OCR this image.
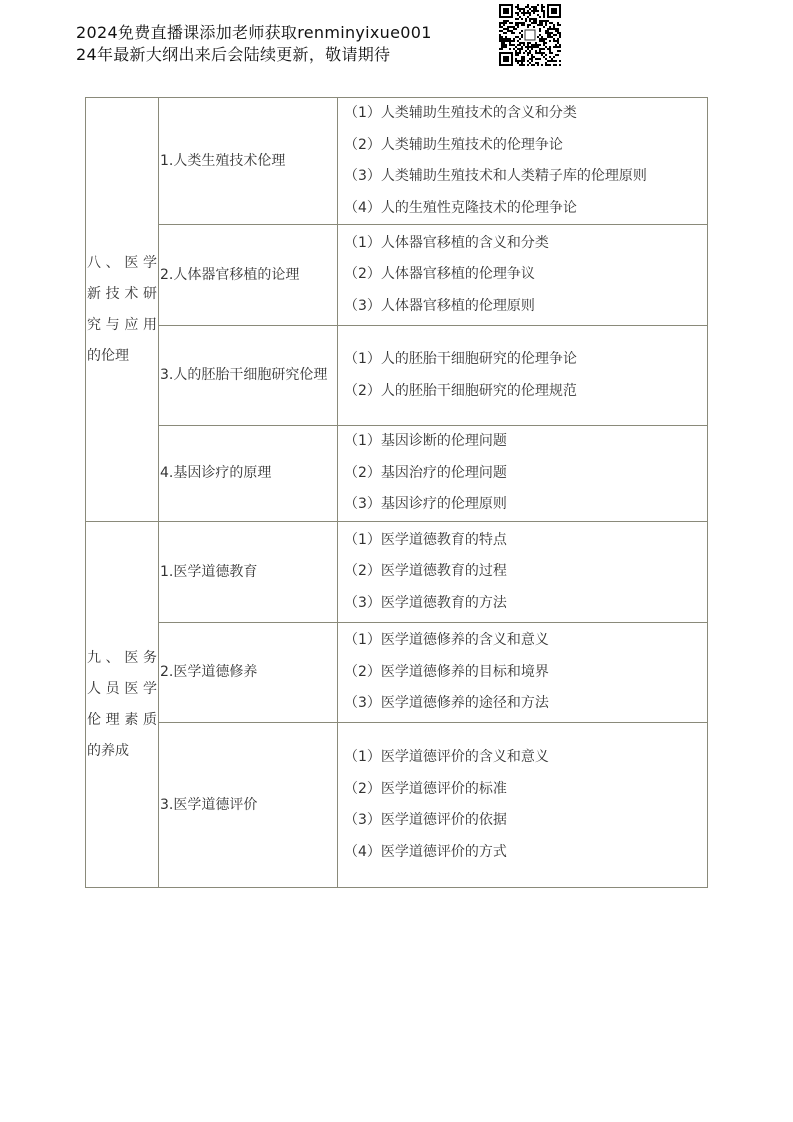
2024免费直播课添加老师获取renminyixue001
24年最新大纲出来后会陆续更新，敬请期待
八、医学
新技术研
究与应用
的伦理	1.人类生殖技术伦理	（1）人类辅助生殖技术的含义和分类
（2）人类辅助生殖技术的伦理争论
（3）人类辅助生殖技术和人类精子库的伦理原则
（4）人的生殖性克隆技术的伦理争论

	2.人体器官移植的论理	（1）人体器官移植的含义和分类
（2）人体器官移植的伦理争议
（3）人体器官移植的伦理原则

	3.人的胚胎干细胞研究伦理	（1）人的胚胎干细胞研究的伦理争论
（2）人的胚胎干细胞研究的伦理规范

	4.基因诊疗的原理	（1）基因诊断的伦理问题
（2）基因治疗的伦理问题
（3）基因诊疗的伦理原则

九、医务
人员医学
伦理素质
的养成	1.医学道德教育	（1）医学道德教育的特点
（2）医学道德教育的过程
（3）医学道德教育的方法

	2.医学道德修养	（1）医学道德修养的含义和意义
（2）医学道德修养的目标和境界
（3）医学道德修养的途径和方法

	3.医学道德评价	（1）医学道德评价的含义和意义
（2）医学道德评价的标准
（3）医学道德评价的依据
（4）医学道德评价的方式
